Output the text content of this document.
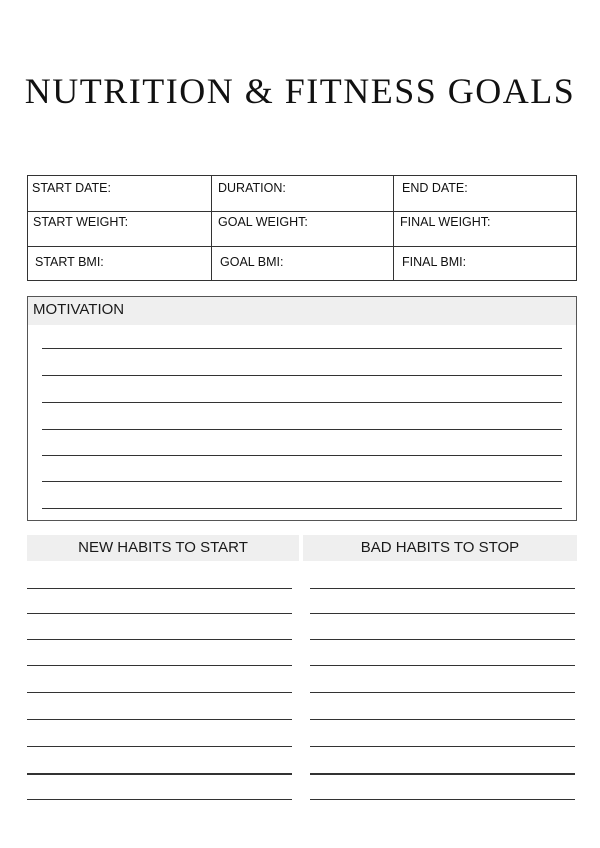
NUTRITION & FITNESS GOALS
START DATE:	DURATION:	END DATE:
START WEIGHT:	GOAL WEIGHT:	FINAL WEIGHT:
START BMI:	GOAL BMI:	FINAL BMI:
MOTIVATION
NEW HABITS TO START	BAD HABITS TO STOP
